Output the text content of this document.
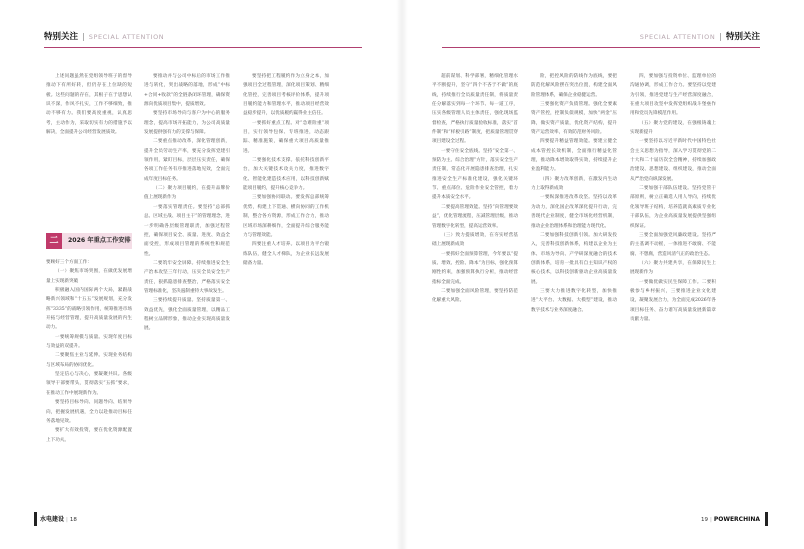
特别关注 | SPECIAL ATTENTION

上述问题虽然在党组领导班子的督导推动下有所好转，但仍存在上位缺的短板。这些问题的存在，其根子在于思想认识不深，作风不扎实，工作不够细致，推动不够有力。我们要高度重视，认真思考，主动作为，采取切实有力的措施予以解决，全面提升公司经营发展质效。

二	2026 年重点工作安排

要顾好三个方面工作：

（一）聚焦市场突围，在做优发展增量上实现新突破

积极融入国内国际两个大局，紧跟战略新兴领域和“十五五”发展规划，充分发挥“3335”的战略引领作用，统筹推进市场开拓与经营管理，提升高质量发展的内生动力。

一要统筹规模与质量。实现年度目标与效益的双提升。

二要聚焦主业与延伸。实现业务结构与区域布局的协同优化。

坚定信心与决心，要凝聚共识。各级领导干部要带头，贯彻落实“五抓”要求，在推动工作中展现新作为。

要坚持目标导向、问题导向、结果导向，把握发展机遇，全力以赴推动目标任务落地见效。

要扩大有效投资，要在优化资源配置上下功夫。

要推动并与公司中标后的市场工作推进与转化，突出战略的落地，形成“中标+合同+收款”的全链条闭环管理，确保资源向优质项目集中，提质增效。

要坚持市场导向与客户为中心的服务理念，提高市场开拓能力，为公司高质量发展提供强有力的支撑与保障。

二要重点推动改革，深化管理创新，提升全员劳动生产率，要充分发挥党建引领作用，紧盯目标，层层压实责任，确保各项工作任务有序推进落地见效，全面完成年度目标任务。

（二）聚力项目履约，在提升品牌价值上展现新作为

一要落实管理责任。要坚持“总部抓总、区域主战、项目主干”的管理理念，进一步明确各层级管理职责，加强过程管控，确保项目安全、质量、进度、效益全面受控，形成项目管理的系统性和规范性。

二要筑牢安全屏障。持续推进安全生产治本攻坚三年行动，压实全员安全生产责任，狠抓隐患排查整治，严格落实安全管理标准化，坚决遏制重特大事故发生。

三要持续提升质量。坚持质量第一、效益优先，强化全面质量管理，以精品工程树立品牌形象，推动企业实现高质量发展。

要坚持把工程履约作为立身之本，加强项目全过程管理，深化项目策划、精细化管控，完善项目考核评价体系，提升项目履约能力和管理水平，推动项目经营效益稳步提升，以优质履约赢得业主信任。

一要抓好重点工程。对“急难险重”项目，实行领导包保、专班推进，动态跟踪、精准施策，确保重大项目高质量推进。

二要强化技术支撑。依托科技创新平台，加大关键技术攻关力度，推进数字化、智能化建造技术应用，以科技创新赋能项目履约，提升核心竞争力。

三要加强协同联动。要发挥总部统筹优势，构建上下贯通、横向协同的工作机制，整合各方资源，形成工作合力，推动区域市场深耕细作，全面提升综合服务能力与管理效能。

四要注重人才培养。以项目为平台锻炼队伍，健全人才梯队，为企业长远发展储备力量。

水电建设 | 18
SPECIAL ATTENTION | 特别关注

超前谋划、科学部署，精细化管理水平不断提升，坚守“四个不吝于不做”的底线，持续推行全员质量责任制，将质量责任分解落实到每一个环节、每一道工序，压实各级管理人员主体责任，强化现场监督检查，严格执行质量验收标准，落实“首件制”和“样板引路”制度，把质量管理贯穿项目建设全过程。

一要守住安全底线。坚持“安全第一、预防为主、综合治理”方针，落实安全生产责任制，常态化开展隐患排查治理，扎实推进安全生产标准化建设，强化关键环节、重点部位、危险作业安全管控，着力提升本质安全水平。

二要提高管理效能。坚持“向管理要效益”，优化管理流程，压减管理层级，推动管理数字化转型，提高运营效率。

（三）致力提质增效，在夯实经营基础上展现新成效

一要抓好全面预算管理，今年要以“提质、增效、控险、降本”为目标，强化预算刚性约束，加强预算执行分析，推动经营指标全面完成。

二要加强全面风险管理，要坚持防范化解重大风险。

险，把控风险的防线作为底线，要把防范化解风险摆在突出位置，构建全面风险管理体系，确保企业稳健运营。

三要强化资产负债管理。强化全要素资产管控，控制负债规模，加快“两金”压降，做实资产质量，优化资产结构，提升资产运营效率，有效防范财务风险。

四要提升精益管理效能。要建立健全成本管控长效机制，全面推行精益化管理，推动降本增效取得实效，持续提升企业盈利能力。

（四）聚力改革创新，在激发内生动力上取得新成效

一要纵深推进改革攻坚。坚持以改革为动力，深化国企改革深化提升行动，完善现代企业制度，健全市场化经营机制，推动企业治理体系和治理能力现代化。

二要加强科技创新引领。加大研发投入，完善科技创新体系，构建以企业为主体、市场为导向、产学研深度融合的技术创新体系，培育一批具有自主知识产权的核心技术，以科技创新驱动企业高质量发展。

三要大力推进数字化转型，加快推进“大平台、大数据、大模型”建设，推动数字技术与业务深度融合。

四，要加强与投资单位、监理单位的沟通协调，形成工作合力。要坚持以党建为引领，推进党建与生产经营深度融合，在重大项目攻坚中发挥党组织战斗堡垒作用和党员先锋模范作用。

（五）聚力党的建设，在强根铸魂上实现新提升

一要坚持以习近平新时代中国特色社会主义思想为指导，深入学习贯彻党的二十大和二十届历次全会精神，持续加强政治建设、思想建设、组织建设，推动全面从严治党向纵深发展。

二要加强干部队伍建设。坚持党管干部原则，树立正确选人用人导向，持续优化领导班子结构，培养造就高素质专业化干部队伍，为企业高质量发展提供坚强组织保证。

三要全面加强党风廉政建设。坚持严的主基调不动摇，一体推进不敢腐、不能腐、不想腐，营造风清气正的政治生态。

（六）聚力共建共享，在保障民生上展现新作为

一要做优做实民生保障工作。二要积极参与乡村振兴，三要推进企业文化建设，凝聚发展合力，为全面完成2026年各项目标任务、奋力谱写高质量发展新篇章贡献力量。

19 | POWERCHINA
